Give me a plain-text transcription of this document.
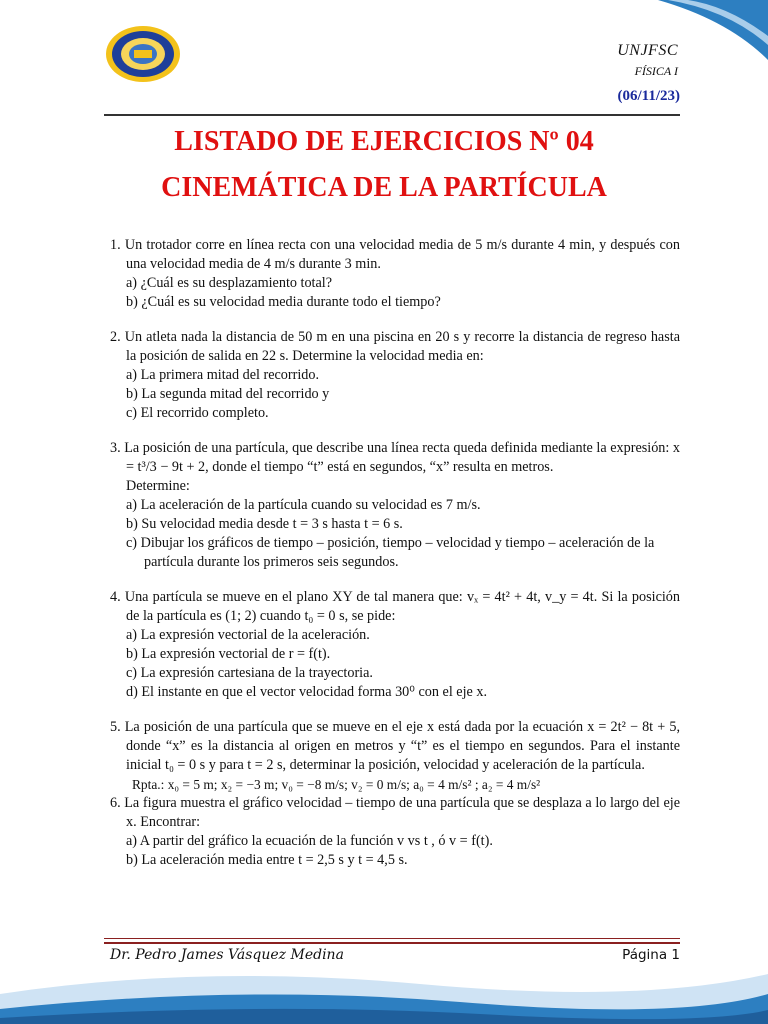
UNJFSC
FÍSICA I
(06/11/23)
LISTADO DE EJERCICIOS Nº 04
CINEMÁTICA DE LA PARTÍCULA
1. Un trotador corre en línea recta con una velocidad media de 5 m/s durante 4 min, y después con una velocidad media de 4 m/s durante 3 min.
a) ¿Cuál es su desplazamiento total?
b) ¿Cuál es su velocidad media durante todo el tiempo?
2. Un atleta nada la distancia de 50 m en una piscina en 20 s y recorre la distancia de regreso hasta la posición de salida en 22 s. Determine la velocidad media en:
a) La primera mitad del recorrido.
b) La segunda mitad del recorrido y
c) El recorrido completo.
3. La posición de una partícula, que describe una línea recta queda definida mediante la expresión: x = t³/3 − 9t + 2, donde el tiempo “t” está en segundos, “x” resulta en metros.
Determine:
a) La aceleración de la partícula cuando su velocidad es 7 m/s.
b) Su velocidad media desde t = 3 s hasta t = 6 s.
c) Dibujar los gráficos de tiempo – posición, tiempo – velocidad y tiempo – aceleración de la partícula durante los primeros seis segundos.
4. Una partícula se mueve en el plano XY de tal manera que: vₓ = 4t² + 4t, v_y = 4t. Si la posición de la partícula es (1; 2) cuando t₀ = 0 s, se pide:
a) La expresión vectorial de la aceleración.
b) La expresión vectorial de r = f(t).
c) La expresión cartesiana de la trayectoria.
d) El instante en que el vector velocidad forma 30⁰ con el eje x.
5. La posición de una partícula que se mueve en el eje x está dada por la ecuación x = 2t² − 8t + 5, donde “x” es la distancia al origen en metros y “t” es el tiempo en segundos. Para el instante inicial t₀ = 0 s y para t = 2 s, determinar la posición, velocidad y aceleración de la partícula.
Rpta.: x₀ = 5 m; x₂ = −3 m; v₀ = −8 m/s; v₂ = 0 m/s; a₀ = 4 m/s² ; a₂ = 4 m/s²
6. La figura muestra el gráfico velocidad – tiempo de una partícula que se desplaza a lo largo del eje x. Encontrar:
a) A partir del gráfico la ecuación de la función v vs t , ó v = f(t).
b) La aceleración media entre t = 2,5 s y t = 4,5 s.
Dr. Pedro James Vásquez Medina	Página 1
